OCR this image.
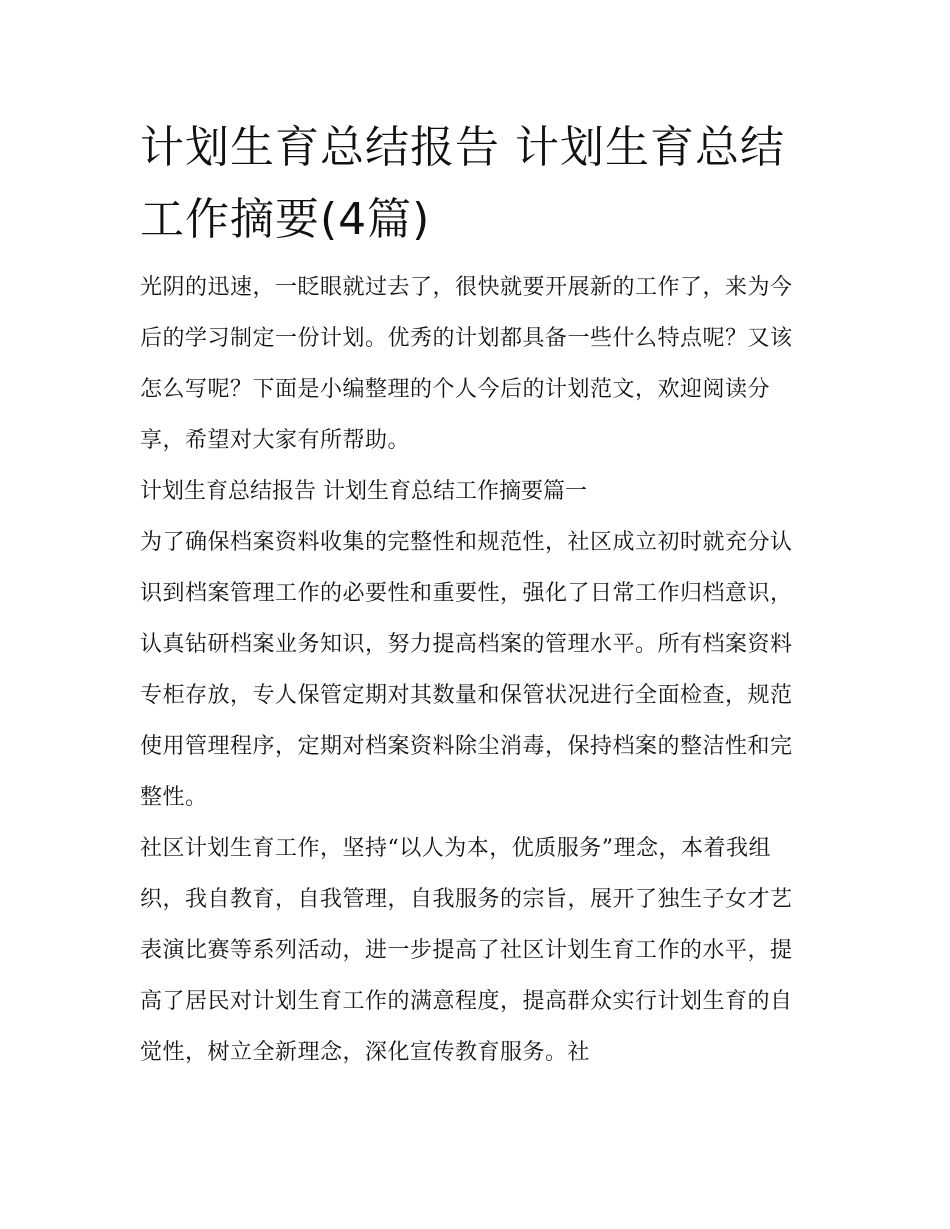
计划生育总结报告 计划生育总结工作摘要(4篇)

光阴的迅速，一眨眼就过去了，很快就要开展新的工作了，来为今后的学习制定一份计划。优秀的计划都具备一些什么特点呢？又该怎么写呢？下面是小编整理的个人今后的计划范文，欢迎阅读分享，希望对大家有所帮助。

计划生育总结报告 计划生育总结工作摘要篇一

为了确保档案资料收集的完整性和规范性，社区成立初时就充分认识到档案管理工作的必要性和重要性，强化了日常工作归档意识，认真钻研档案业务知识，努力提高档案的管理水平。所有档案资料专柜存放，专人保管定期对其数量和保管状况进行全面检查，规范使用管理程序，定期对档案资料除尘消毒，保持档案的整洁性和完整性。

社区计划生育工作，坚持“以人为本，优质服务”理念，本着我组织，我自教育，自我管理，自我服务的宗旨，展开了独生子女才艺表演比赛等系列活动，进一步提高了社区计划生育工作的水平，提高了居民对计划生育工作的满意程度，提高群众实行计划生育的自觉性，树立全新理念，深化宣传教育服务。社
